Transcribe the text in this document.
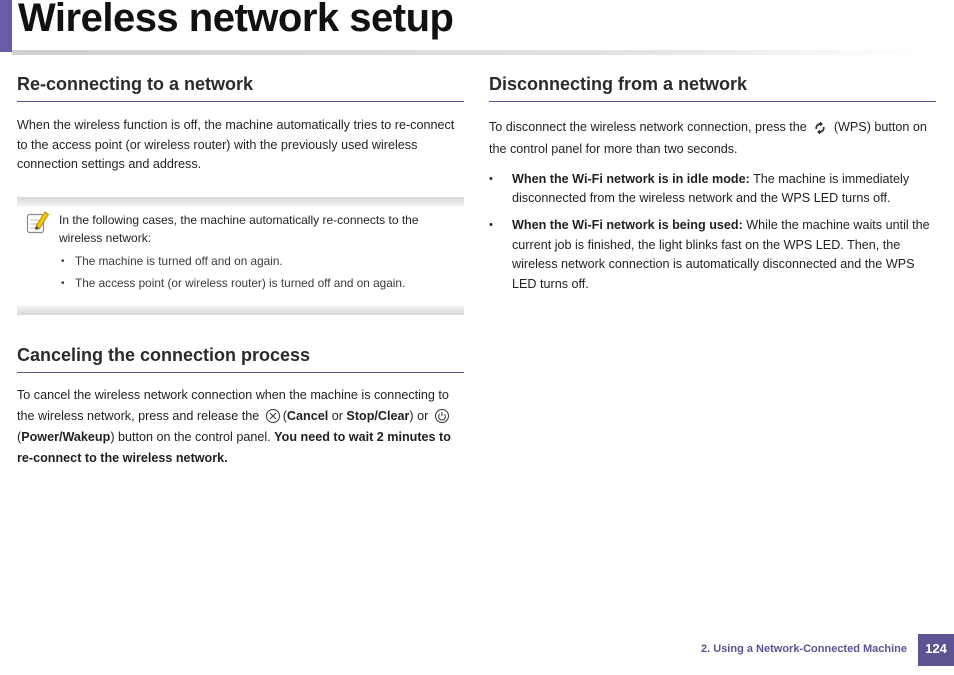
Wireless network setup
Re-connecting to a network

When the wireless function is off, the machine automatically tries to re-connect to the access point (or wireless router) with the previously used wireless connection settings and address.

In the following cases, the machine automatically re-connects to the wireless network:

• The machine is turned off and on again.
• The access point (or wireless router) is turned off and on again.
Canceling the connection process

To cancel the wireless network connection when the machine is connecting to the wireless network, press and release the (Cancel or Stop/Clear) or
(Power/Wakeup) button on the control panel. You need to wait 2 minutes to re-connect to the wireless network.

Disconnecting from a network

To disconnect the wireless network connection, press the (WPS) button on the control panel for more than two seconds.

• When the Wi-Fi network is in idle mode: The machine is immediately disconnected from the wireless network and the WPS LED turns off.
• When the Wi-Fi network is being used: While the machine waits until the current job is finished, the light blinks fast on the WPS LED. Then, the wireless network connection is automatically disconnected and the WPS LED turns off.
2. Using a Network-Connected Machine	124
